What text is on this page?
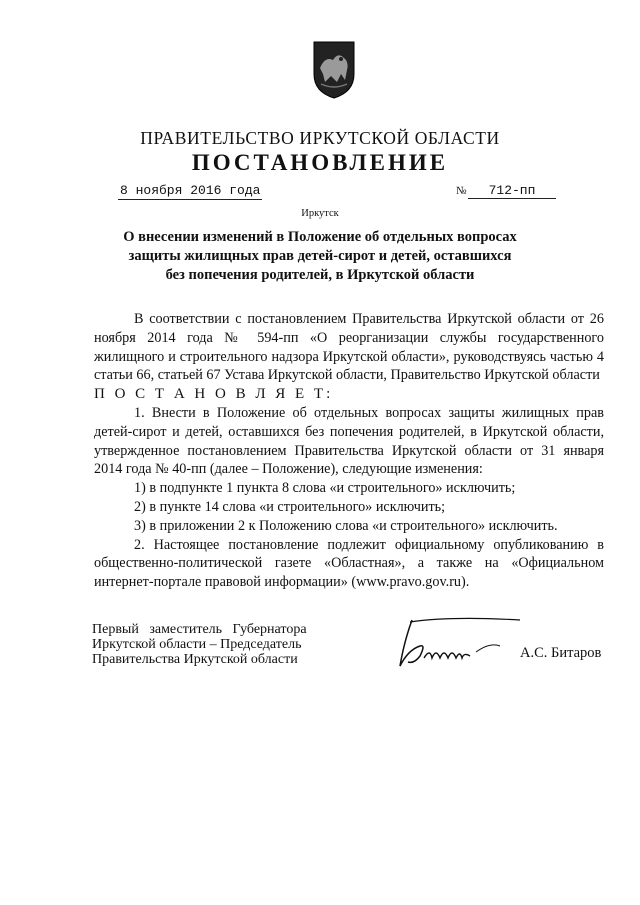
ПРАВИТЕЛЬСТВО ИРКУТСКОЙ ОБЛАСТИ
ПОСТАНОВЛЕНИЕ
8 ноября 2016 года	№	712-пп
Иркутск
О внесении изменений в Положение об отдельных вопросах
защиты жилищных прав детей-сирот и детей, оставшихся
без попечения родителей, в Иркутской области

В соответствии с постановлением Правительства Иркутской области от 26 ноября 2014 года № 594-пп «О реорганизации службы государственного жилищного и строительного надзора Иркутской области», руководствуясь частью 4 статьи 66, статьей 67 Устава Иркутской области, Правительство Иркутской области

П О С Т А Н О В Л Я Е Т:

1. Внести в Положение об отдельных вопросах защиты жилищных прав детей-сирот и детей, оставшихся без попечения родителей, в Иркутской области, утвержденное постановлением Правительства Иркутской области от 31 января 2014 года № 40-пп (далее – Положение), следующие изменения:

1) в подпункте 1 пункта 8 слова «и строительного» исключить;

2) в пункте 14 слова «и строительного» исключить;

3) в приложении 2 к Положению слова «и строительного» исключить.

2. Настоящее постановление подлежит официальному опубликованию в общественно-политической газете «Областная», а также на «Официальном интернет-портале правовой информации» (www.pravo.gov.ru).

Первый   заместитель   Губернатора

Иркутской области – Председатель

Правительства Иркутской области	А.С. Битаров
